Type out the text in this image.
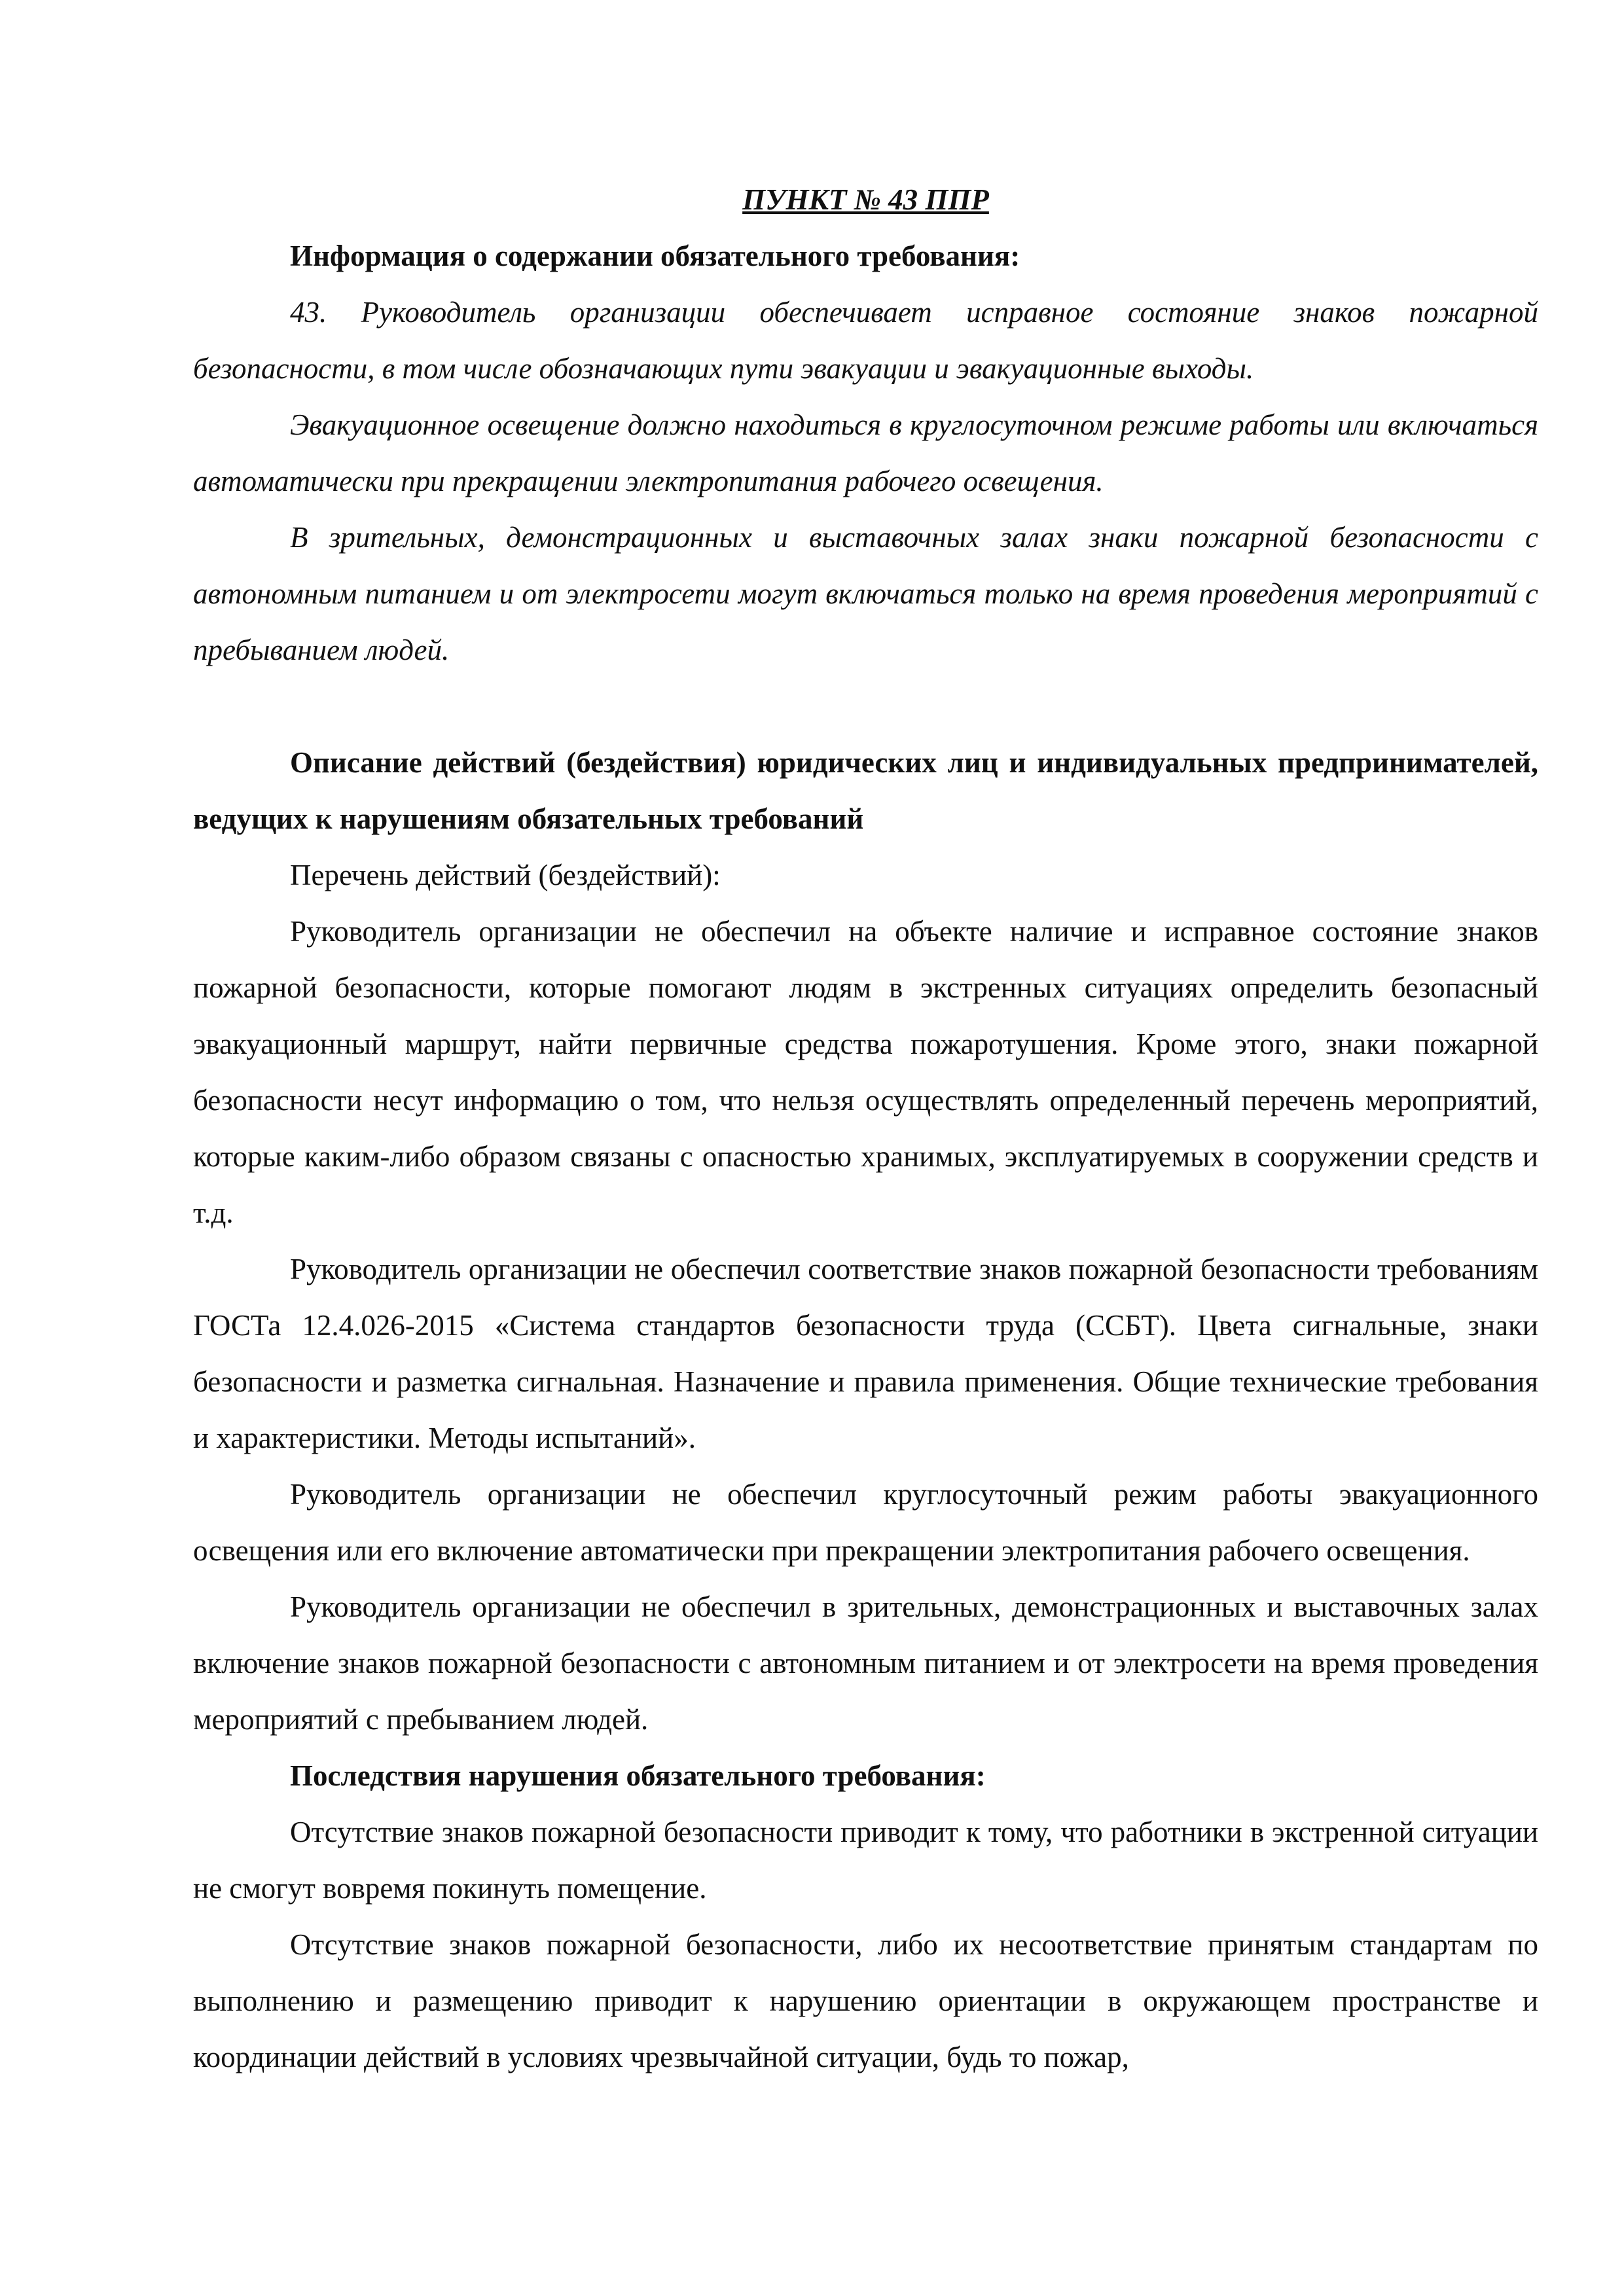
ПУНКТ № 43 ППР

Информация о содержании обязательного требования:

43. Руководитель организации обеспечивает исправное состояние знаков пожарной безопасности, в том числе обозначающих пути эвакуации и эвакуационные выходы.

Эвакуационное освещение должно находиться в круглосуточном режиме работы или включаться автоматически при прекращении электропитания рабочего освещения.

В зрительных, демонстрационных и выставочных залах знаки пожарной безопасности с автономным питанием и от электросети могут включаться только на время проведения мероприятий с пребыванием людей.

Описание действий (бездействия) юридических лиц и индивидуальных предпринимателей, ведущих к нарушениям обязательных требований

Перечень действий (бездействий):

Руководитель организации не обеспечил на объекте наличие и исправное состояние знаков пожарной безопасности, которые помогают людям в экстренных ситуациях определить безопасный эвакуационный маршрут, найти первичные средства пожаротушения. Кроме этого, знаки пожарной безопасности несут информацию о том, что нельзя осуществлять определенный перечень мероприятий, которые каким-либо образом связаны с опасностью хранимых, эксплуатируемых в сооружении средств и т.д.

Руководитель организации не обеспечил соответствие знаков пожарной безопасности требованиям ГОСТа 12.4.026-2015 «Система стандартов безопасности труда (ССБТ). Цвета сигнальные, знаки безопасности и разметка сигнальная. Назначение и правила применения. Общие технические требования и характеристики. Методы испытаний».

Руководитель организации не обеспечил круглосуточный режим работы эвакуационного освещения или его включение автоматически при прекращении электропитания рабочего освещения.

Руководитель организации не обеспечил в зрительных, демонстрационных и выставочных залах включение знаков пожарной безопасности с автономным питанием и от электросети на время проведения мероприятий с пребыванием людей.

Последствия нарушения обязательного требования:

Отсутствие знаков пожарной безопасности приводит к тому, что работники в экстренной ситуации не смогут вовремя покинуть помещение.

Отсутствие знаков пожарной безопасности, либо их несоответствие принятым стандартам по выполнению и размещению приводит к нарушению ориентации в окружающем пространстве и координации действий в условиях чрезвычайной ситуации, будь то пожар,
